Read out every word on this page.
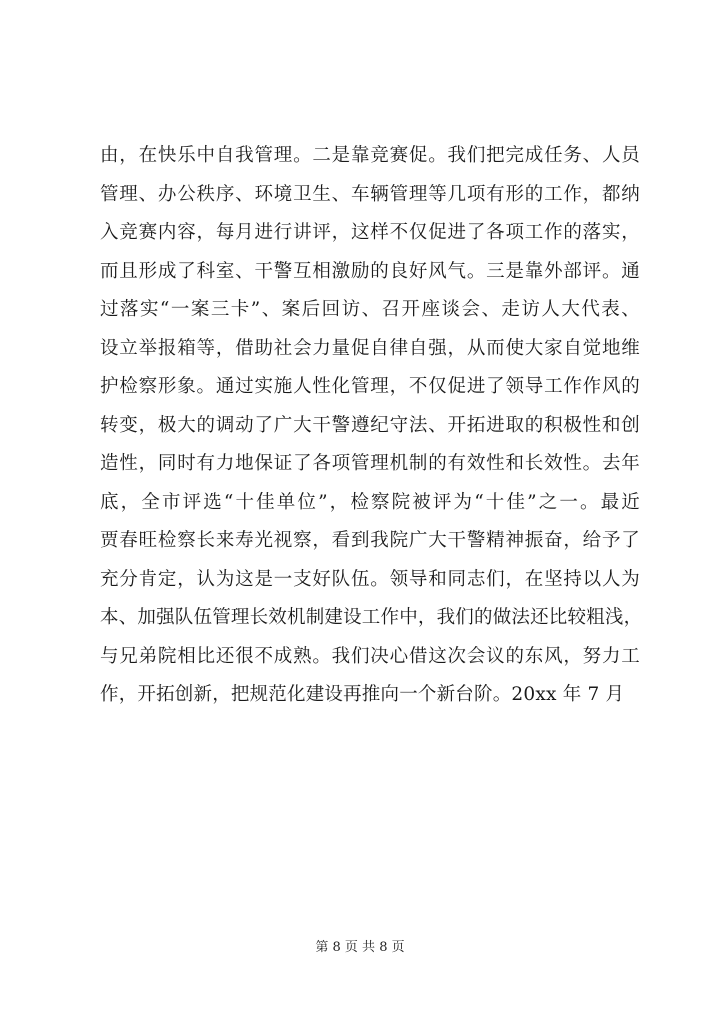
由，在快乐中自我管理。二是靠竞赛促。我们把完成任务、人员
管理、办公秩序、环境卫生、车辆管理等几项有形的工作，都纳
入竞赛内容，每月进行讲评，这样不仅促进了各项工作的落实，
而且形成了科室、干警互相激励的良好风气。三是靠外部评。通
过落实“一案三卡”、案后回访、召开座谈会、走访人大代表、
设立举报箱等，借助社会力量促自律自强，从而使大家自觉地维
护检察形象。通过实施人性化管理，不仅促进了领导工作作风的
转变，极大的调动了广大干警遵纪守法、开拓进取的积极性和创
造性，同时有力地保证了各项管理机制的有效性和长效性。去年
底，全市评选“十佳单位”，检察院被评为“十佳”之一。最近
贾春旺检察长来寿光视察，看到我院广大干警精神振奋，给予了
充分肯定，认为这是一支好队伍。领导和同志们，在坚持以人为
本、加强队伍管理长效机制建设工作中，我们的做法还比较粗浅，
与兄弟院相比还很不成熟。我们决心借这次会议的东风，努力工
作，开拓创新，把规范化建设再推向一个新台阶。20xx 年 7 月
第 8 页 共 8 页
